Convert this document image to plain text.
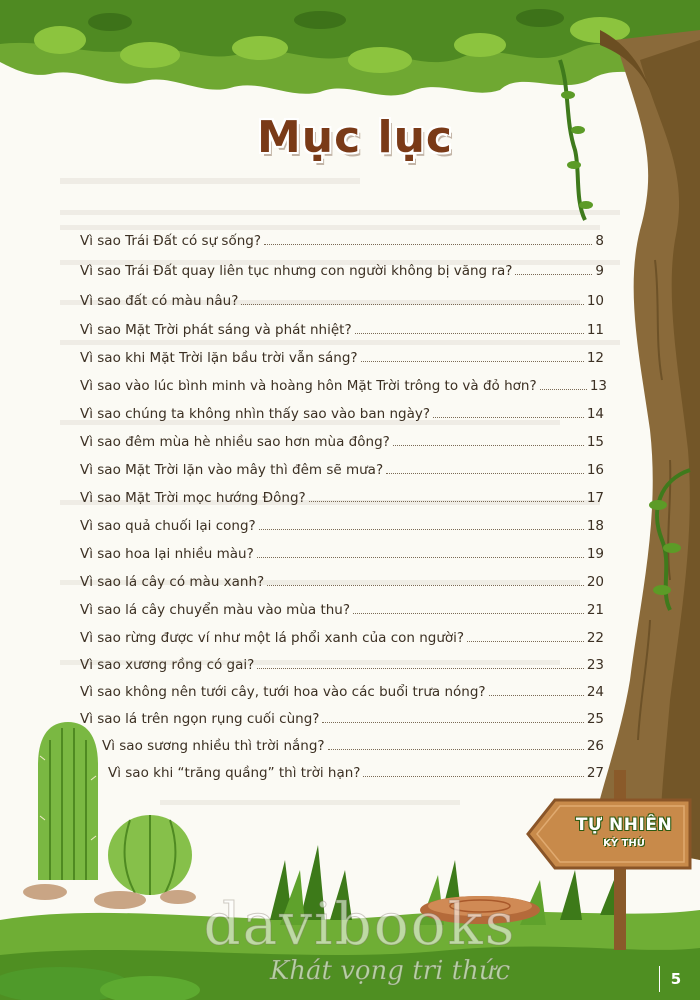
Mục lục
Vì sao Trái Đất có sự sống?	8
Vì sao Trái Đất quay liên tục nhưng con người không bị văng ra?	9
Vì sao đất có màu nâu?	10
Vì sao Mặt Trời phát sáng và phát nhiệt?	11
Vì sao khi Mặt Trời lặn bầu trời vẫn sáng?	12
Vì sao vào lúc bình minh và hoàng hôn Mặt Trời trông to và đỏ hơn?	13
Vì sao chúng ta không nhìn thấy sao vào ban ngày?	14
Vì sao đêm mùa hè nhiều sao hơn mùa đông?	15
Vì sao Mặt Trời lặn vào mây thì đêm sẽ mưa?	16
Vì sao Mặt Trời mọc hướng Đông?	17
Vì sao quả chuối lại cong?	18
Vì sao hoa lại nhiều màu?	19
Vì sao lá cây có màu xanh?	20
Vì sao lá cây chuyển màu vào mùa thu?	21
Vì sao rừng được ví như một lá phổi xanh của con người?	22
Vì sao xương rồng có gai?	23
Vì sao không nên tưới cây, tưới hoa vào các buổi trưa nóng?	24
Vì sao lá trên ngọn rụng cuối cùng?	25
Vì sao sương nhiều thì trời nắng?	26
Vì sao khi “trăng quầng” thì trời hạn?	27
TỰ NHIÊN
KỲ THÚ
davibooks
Khát vọng tri thức	5
